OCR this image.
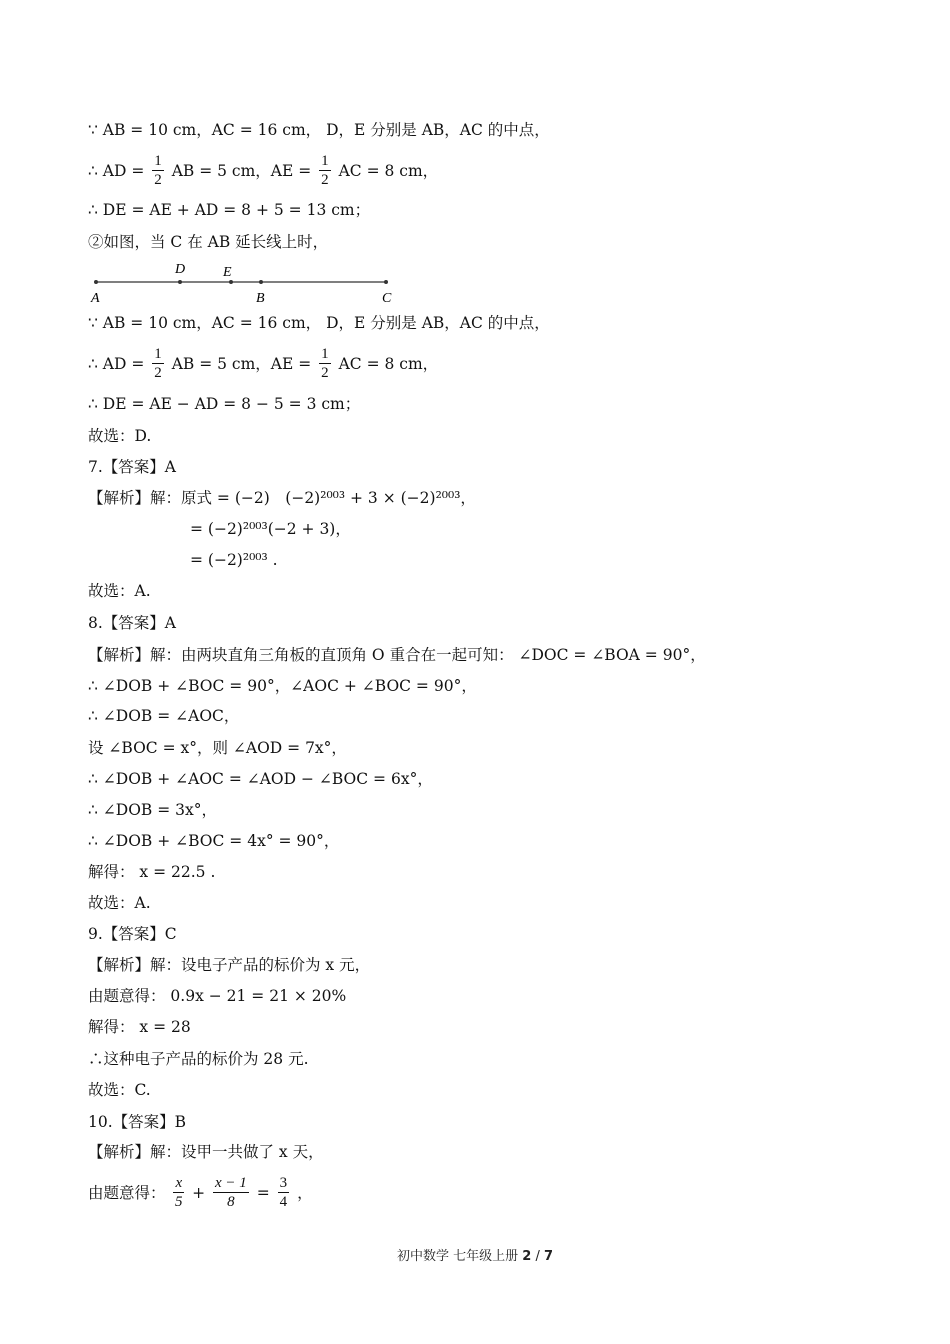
∵ AB = 10 cm，AC = 16 cm， D，E 分别是 AB，AC 的中点，
∴ AD = $\frac{1}{2}$ AB = 5 cm，AE = $\frac{1}{2}$ AC = 8 cm，
∴ DE = AE + AD = 8 + 5 = 13 cm；
②如图，当 C 在 AB 延长线上时，
A
D	E
B	C
∵ AB = 10 cm，AC = 16 cm， D，E 分别是 AB，AC 的中点，
∴ AD = $\frac{1}{2}$ AB = 5 cm，AE = $\frac{1}{2}$ AC = 8 cm，
∴ DE = AE − AD = 8 − 5 = 3 cm；
故选：D.
7.【答案】A
【解析】解：原式 = (−2)　(−2)²⁰⁰³ + 3 × (−2)²⁰⁰³，
= (−2)²⁰⁰³(−2 + 3)，
= (−2)²⁰⁰³ .
故选：A.
8.【答案】A
【解析】解：由两块直角三角板的直顶角 O 重合在一起可知： ∠DOC = ∠BOA = 90°，
∴ ∠DOB + ∠BOC = 90°，∠AOC + ∠BOC = 90°，
∴ ∠DOB = ∠AOC，
设 ∠BOC = x°，则 ∠AOD = 7x°，
∴ ∠DOB + ∠AOC = ∠AOD − ∠BOC = 6x°，
∴ ∠DOB = 3x°，
∴ ∠DOB + ∠BOC = 4x° = 90°，
解得： x = 22.5 .
故选：A.
9.【答案】C
【解析】解：设电子产品的标价为 x 元，
由题意得： 0.9x − 21 = 21 × 20%
解得： x = 28
∴这种电子产品的标价为 28 元.
故选：C.
10.【答案】B
【解析】解：设甲一共做了 x 天，
由题意得： $\frac{x}{5} + \frac{x - 1}{8} = \frac{3}{4}$ ，
初中数学 七年级上册 2 / 7
